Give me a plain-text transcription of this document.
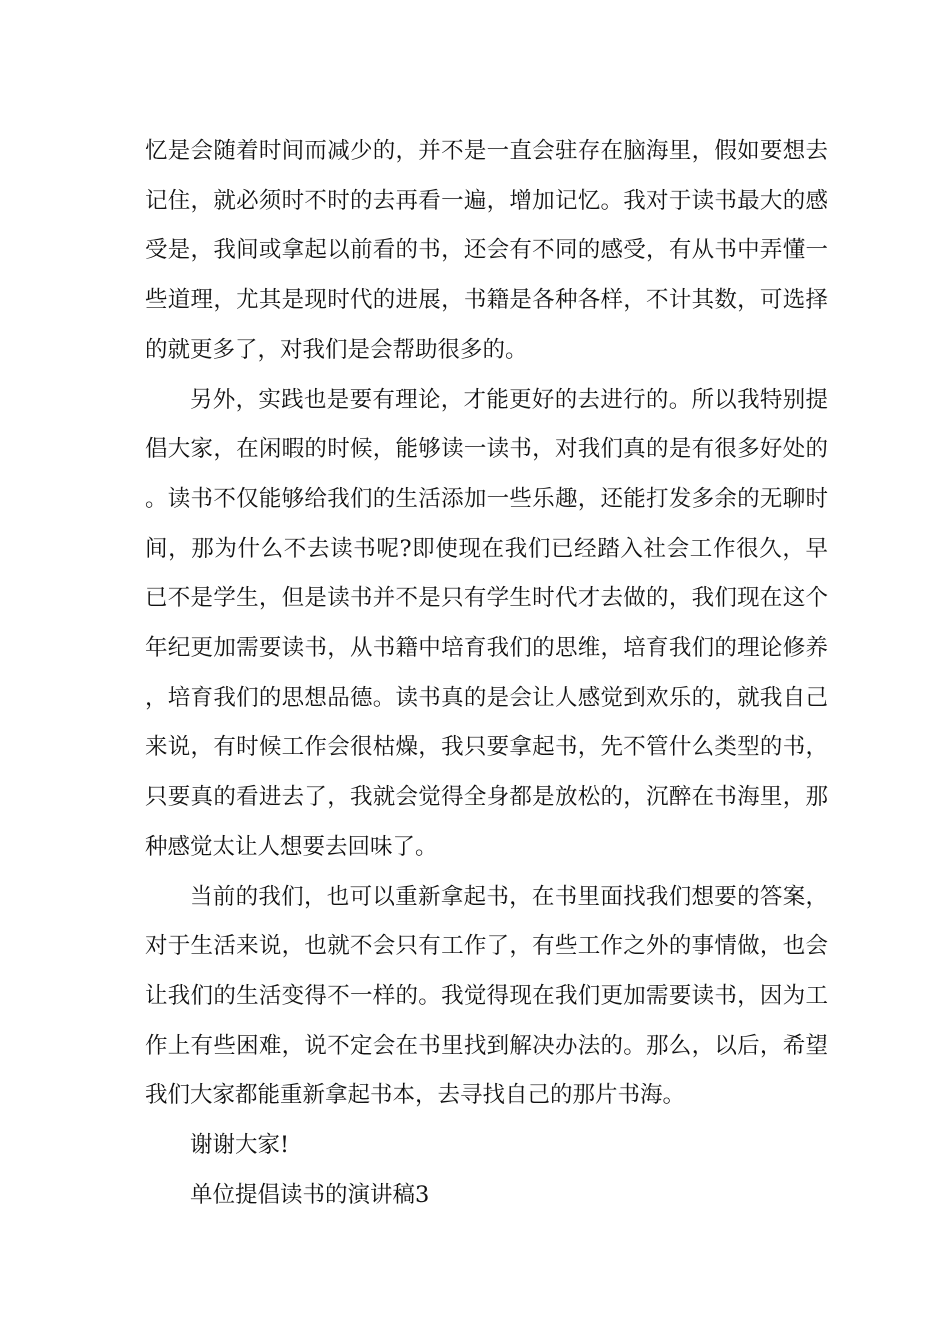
忆是会随着时间而减少的，并不是一直会驻存在脑海里，假如要想去记住，就必须时不时的去再看一遍，增加记忆。我对于读书最大的感受是，我间或拿起以前看的书，还会有不同的感受，有从书中弄懂一些道理，尤其是现时代的进展，书籍是各种各样，不计其数，可选择的就更多了，对我们是会帮助很多的。

另外，实践也是要有理论，才能更好的去进行的。所以我特别提倡大家，在闲暇的时候，能够读一读书，对我们真的是有很多好处的。读书不仅能够给我们的生活添加一些乐趣，还能打发多余的无聊时间，那为什么不去读书呢?即使现在我们已经踏入社会工作很久，早已不是学生，但是读书并不是只有学生时代才去做的，我们现在这个年纪更加需要读书，从书籍中培育我们的思维，培育我们的理论修养，培育我们的思想品德。读书真的是会让人感觉到欢乐的，就我自己来说，有时候工作会很枯燥，我只要拿起书，先不管什么类型的书，只要真的看进去了，我就会觉得全身都是放松的，沉醉在书海里，那种感觉太让人想要去回味了。

当前的我们，也可以重新拿起书，在书里面找我们想要的答案，对于生活来说，也就不会只有工作了，有些工作之外的事情做，也会让我们的生活变得不一样的。我觉得现在我们更加需要读书，因为工作上有些困难，说不定会在书里找到解决办法的。那么，以后，希望我们大家都能重新拿起书本，去寻找自己的那片书海。

谢谢大家!

单位提倡读书的演讲稿3
